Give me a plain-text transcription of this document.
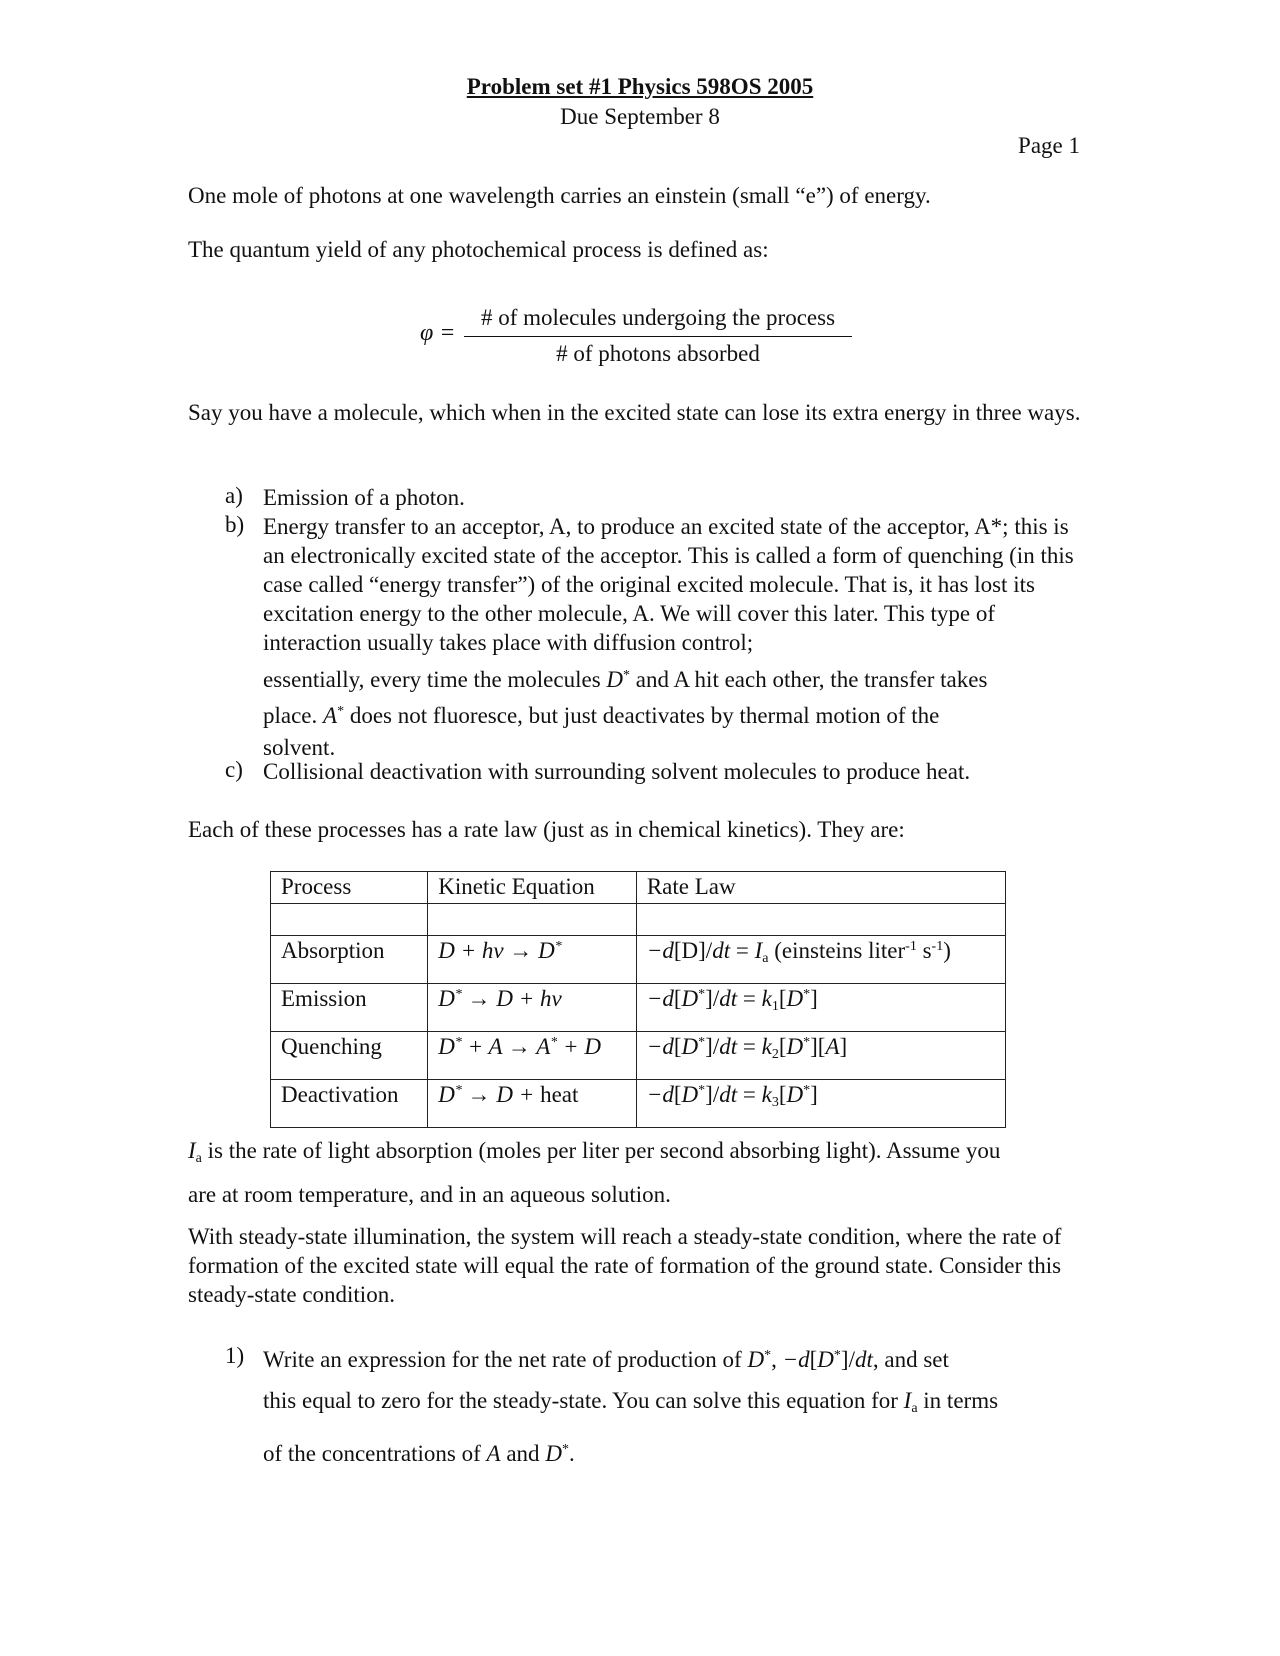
Problem set #1 Physics 598OS 2005
Due September 8
Page 1
One mole of photons at one wavelength carries an einstein (small “e”) of energy.
The quantum yield of any photochemical process is defined as:
φ =
# of molecules undergoing the process
# of photons absorbed
Say you have a molecule, which when in the excited state can lose its extra energy in three ways.
a) Emission of a photon.
b) Energy transfer to an acceptor, A, to produce an excited state of the acceptor, A*; this is an electronically excited state of the acceptor. This is called a form of quenching (in this case called “energy transfer”) of the original excited molecule. That is, it has lost its excitation energy to the other molecule, A. We will cover this later. This type of interaction usually takes place with diffusion control;
essentially, every time the molecules D* and A hit each other, the transfer takes
place. A* does not fluoresce, but just deactivates by thermal motion of the
solvent.
c) Collisional deactivation with surrounding solvent molecules to produce heat.
Each of these processes has a rate law (just as in chemical kinetics). They are:
Process	Kinetic Equation	Rate Law

Absorption	D + hν → D*	$-d[D]/dt = I_a$ (einsteins liter$^{-1}$ $s^{-1}$)
Emission	D* → D + hν	$-d[D^*]/dt = k_1[D^*]$
Quenching	D* + A → A* + D	$-d[D^*]/dt = k_2[D^*][A]$
Deactivation	D* → D + heat	$-d[D^*]/dt = k_3[D^*]$
$I_a$ is the rate of light absorption (moles per liter per second absorbing light). Assume you
are at room temperature, and in an aqueous solution.
With steady-state illumination, the system will reach a steady-state condition, where the rate of formation of the excited state will equal the rate of formation of the ground state. Consider this steady-state condition.
1) Write an expression for the net rate of production of D*, −d[D*]/dt, and set
this equal to zero for the steady-state. You can solve this equation for $I_a$ in terms
of the concentrations of A and D*.
